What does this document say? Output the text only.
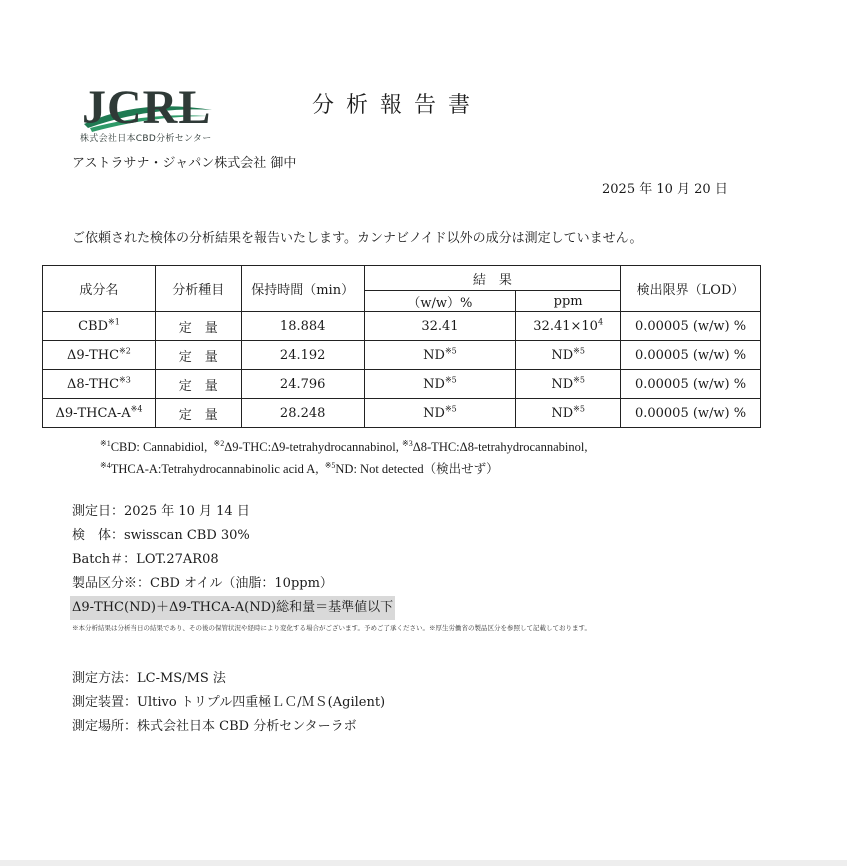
JCRL
株式会社日本CBD分析センター
分析報告書
アストラサナ・ジャパン株式会社 御中
2025 年 10 月 20 日
ご依頼された検体の分析結果を報告いたします。カンナビノイド以外の成分は測定していません。
成分名	分析種目	保持時間（min）	結　果		検出限界（LOD）
			（w/w）%	ppm	
CBD$^{※1}$	定　量	18.884	32.41	$32.41\times 10^4$	0.00005 (w/w) %
Δ9-THC$^{※2}$	定　量	24.192	ND$^{※5}$	ND$^{※5}$	0.00005 (w/w) %
Δ8-THC$^{※3}$	定　量	24.796	ND$^{※5}$	ND$^{※5}$	0.00005 (w/w) %
$\Delta 9-THCA-A^{※4}$	定　量	28.248	ND$^{※5}$	ND$^{※5}$	0.00005 (w/w) %
$^{※1}$CBD: Cannabidiol, $^{※2}$Δ9-THC:Δ9-tetrahydrocannabinol, $^{※3}$Δ8-THC:Δ8-tetrahydrocannabinol,
$^{※4}$THCA-A:Tetrahydrocannabinolic acid A, $^{※5}$ND: Not detected（検出せず）
測定日：2025 年 10 月 14 日
検　体：swisscan CBD 30%
Batch＃：LOT.27AR08
製品区分※：CBD オイル（油脂：10ppm）
Δ9-THC(ND)＋Δ9-THCA-A(ND)総和量＝基準値以下
※本分析結果は分析当日の結果であり、その後の保管状況や経時により変化する場合がございます。予めご了承ください。※厚生労働省の製品区分を参照して記載しております。
測定方法：LC-MS/MS 法
測定装置：Ultivo トリプル四重極ＬＣ/ＭＳ(Agilent)
測定場所：株式会社日本 CBD 分析センターラボ
